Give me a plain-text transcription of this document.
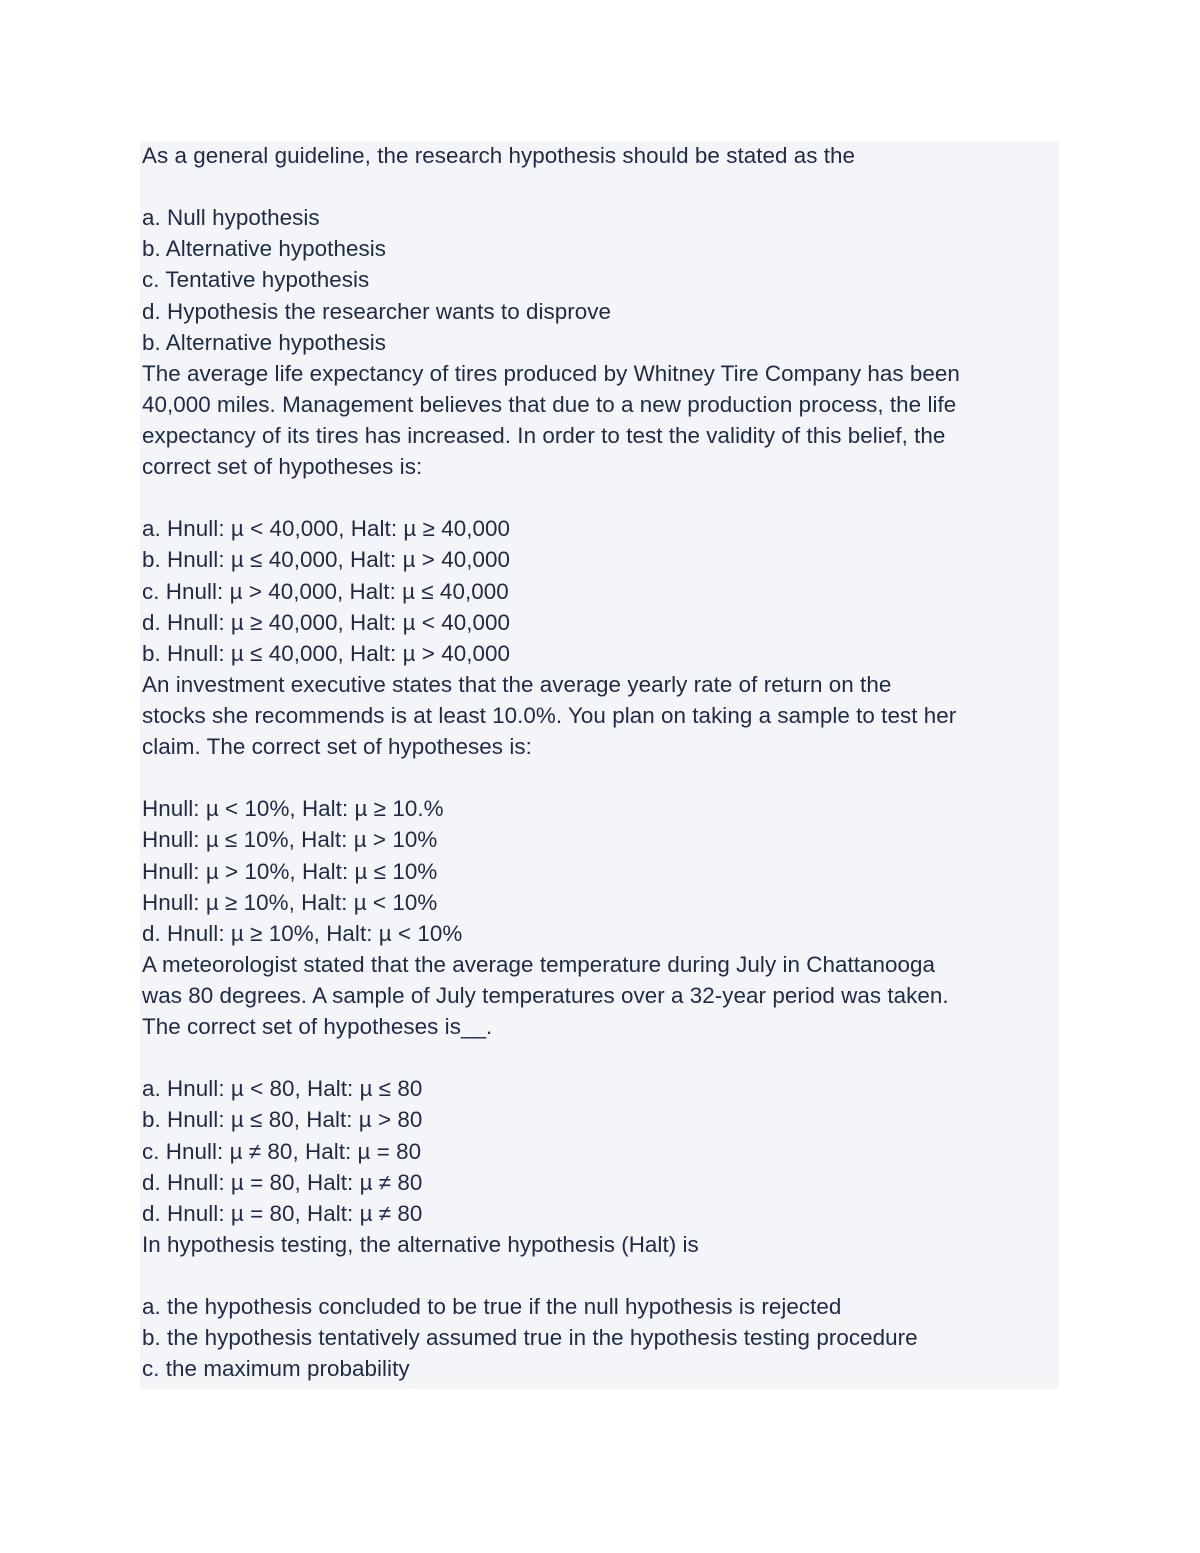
As a general guideline, the research hypothesis should be stated as the
a. Null hypothesis
b. Alternative hypothesis
c. Tentative hypothesis
d. Hypothesis the researcher wants to disprove
b. Alternative hypothesis
The average life expectancy of tires produced by Whitney Tire Company has been
40,000 miles. Management believes that due to a new production process, the life
expectancy of its tires has increased. In order to test the validity of this belief, the
correct set of hypotheses is:
a. Hnull: µ < 40,000, Halt: µ ≥ 40,000
b. Hnull: µ ≤ 40,000, Halt: µ > 40,000
c. Hnull: µ > 40,000, Halt: µ ≤ 40,000
d. Hnull: µ ≥ 40,000, Halt: µ < 40,000
b. Hnull: µ ≤ 40,000, Halt: µ > 40,000
An investment executive states that the average yearly rate of return on the
stocks she recommends is at least 10.0%. You plan on taking a sample to test her
claim. The correct set of hypotheses is:
Hnull: µ < 10%, Halt: µ ≥ 10.%
Hnull: µ ≤ 10%, Halt: µ > 10%
Hnull: µ > 10%, Halt: µ ≤ 10%
Hnull: µ ≥ 10%, Halt: µ < 10%
d. Hnull: µ ≥ 10%, Halt: µ < 10%
A meteorologist stated that the average temperature during July in Chattanooga
was 80 degrees. A sample of July temperatures over a 32-year period was taken.
The correct set of hypotheses is__.
a. Hnull: µ < 80, Halt: µ ≤ 80
b. Hnull: µ ≤ 80, Halt: µ > 80
c. Hnull: µ ≠ 80, Halt: µ = 80
d. Hnull: µ = 80, Halt: µ ≠ 80
d. Hnull: µ = 80, Halt: µ ≠ 80
In hypothesis testing, the alternative hypothesis (Halt) is
a. the hypothesis concluded to be true if the null hypothesis is rejected
b. the hypothesis tentatively assumed true in the hypothesis testing procedure
c. the maximum probability
